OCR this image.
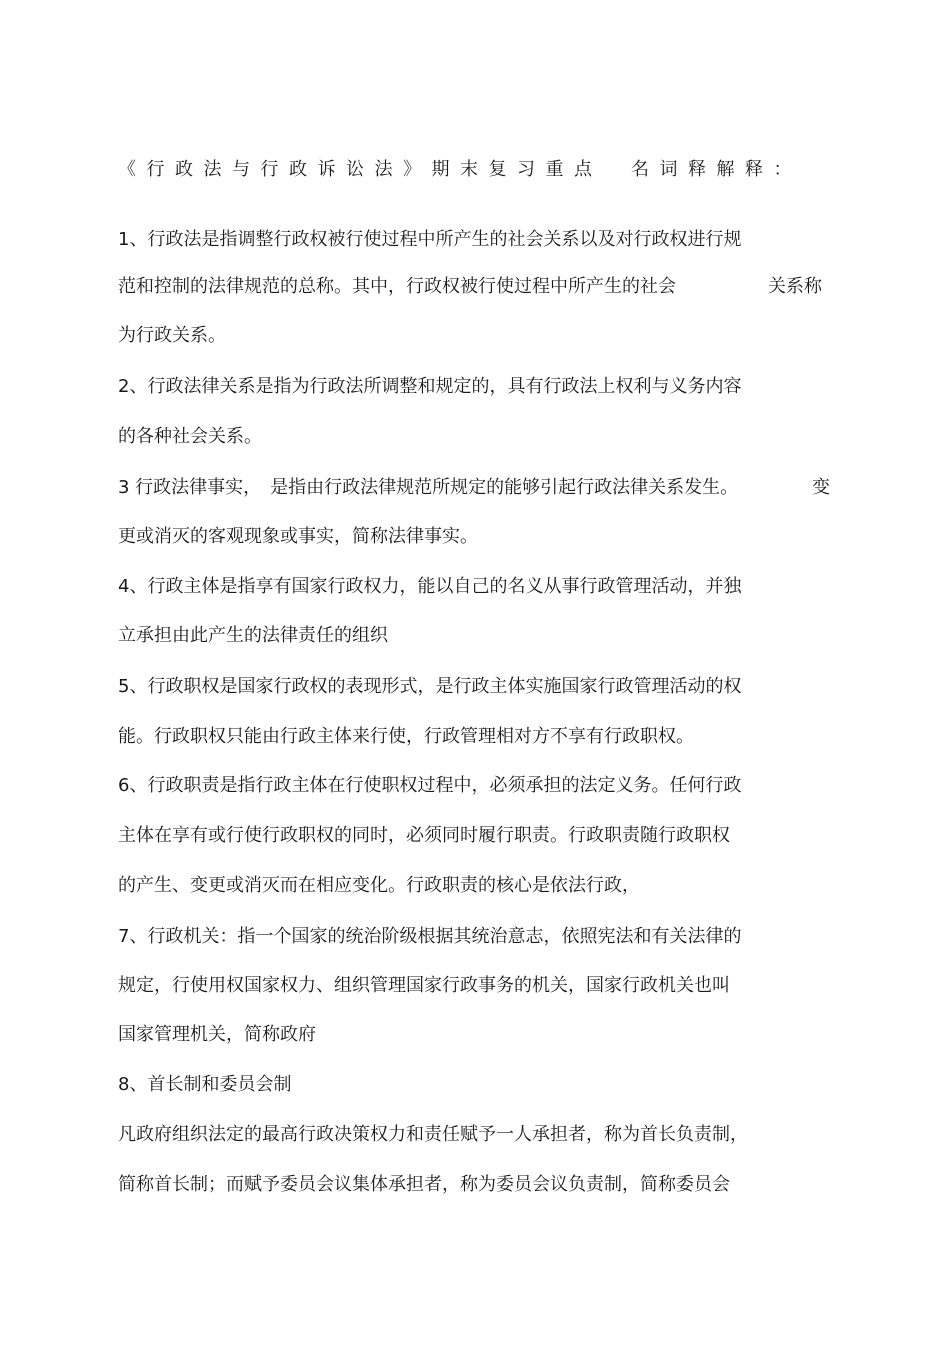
《行政法与行政诉讼法》期末复习重点　名词释解释：
1、行政法是指调整行政权被行使过程中所产生的社会关系以及对行政权进行规
范和控制的法律规范的总称。其中，行政权被行使过程中所产生的社会	关系称
为行政关系。
2、行政法律关系是指为行政法所调整和规定的，具有行政法上权利与义务内容
的各种社会关系。
3 行政法律事实，　是指由行政法律规范所规定的能够引起行政法律关系发生。	变
更或消灭的客观现象或事实，简称法律事实。
4、行政主体是指享有国家行政权力，能以自己的名义从事行政管理活动，并独
立承担由此产生的法律责任的组织
5、行政职权是国家行政权的表现形式，是行政主体实施国家行政管理活动的权
能。行政职权只能由行政主体来行使，行政管理相对方不享有行政职权。
6、行政职责是指行政主体在行使职权过程中，必须承担的法定义务。任何行政
主体在享有或行使行政职权的同时，必须同时履行职责。行政职责随行政职权
的产生、变更或消灭而在相应变化。行政职责的核心是依法行政，
7、行政机关：指一个国家的统治阶级根据其统治意志，依照宪法和有关法律的
规定，行使用权国家权力、组织管理国家行政事务的机关，国家行政机关也叫
国家管理机关，简称政府
8、首长制和委员会制
凡政府组织法定的最高行政决策权力和责任赋予一人承担者，称为首长负责制，
简称首长制；而赋予委员会议集体承担者，称为委员会议负责制，简称委员会
